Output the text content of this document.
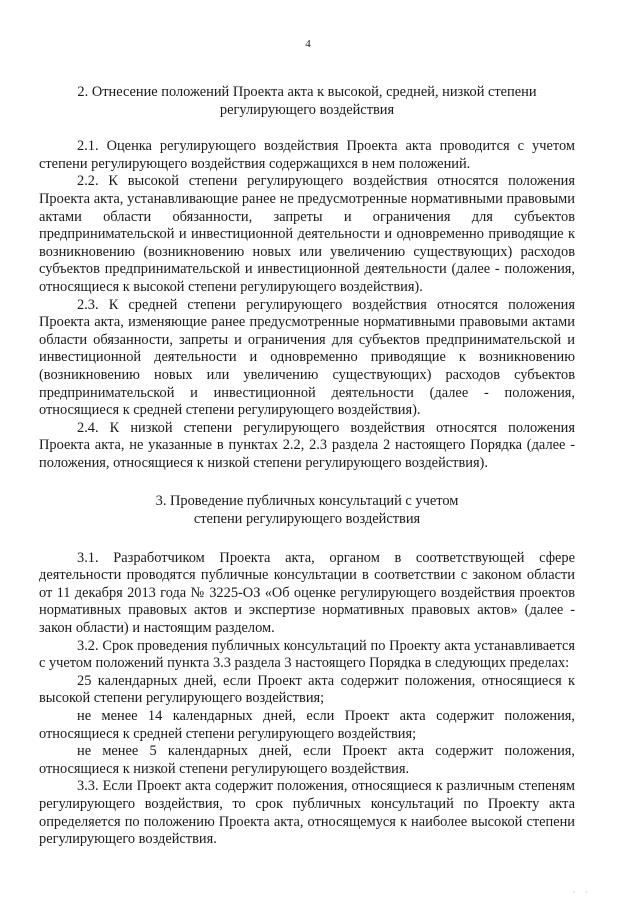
4
2. Отнесение положений Проекта акта к высокой, средней, низкой степени
регулирующего воздействия

2.1. Оценка регулирующего воздействия Проекта акта проводится с учетом степени регулирующего воздействия содержащихся в нем положений.

2.2. К высокой степени регулирующего воздействия относятся положения Проекта акта, устанавливающие ранее не предусмотренные нормативными правовыми актами области обязанности, запреты и ограничения для субъектов предпринимательской и инвестиционной деятельности и одновременно приводящие к возникновению (возникновению новых или увеличению существующих) расходов субъектов предпринимательской и инвестиционной деятельности (далее - положения, относящиеся к высокой степени регулирующего воздействия).

2.3. К средней степени регулирующего воздействия относятся положения Проекта акта, изменяющие ранее предусмотренные нормативными правовыми актами области обязанности, запреты и ограничения для субъектов предпринимательской и инвестиционной деятельности и одновременно приводящие к возникновению (возникновению новых или увеличению существующих) расходов субъектов предпринимательской и инвестиционной деятельности (далее - положения, относящиеся к средней степени регулирующего воздействия).

2.4. К низкой степени регулирующего воздействия относятся положения Проекта акта, не указанные в пунктах 2.2, 2.3 раздела 2 настоящего Порядка (далее - положения, относящиеся к низкой степени регулирующего воздействия).

3. Проведение публичных консультаций с учетом
степени регулирующего воздействия

3.1. Разработчиком Проекта акта, органом в соответствующей сфере деятельности проводятся публичные консультации в соответствии с законом области от 11 декабря 2013 года № 3225-ОЗ «Об оценке регулирующего воздействия проектов нормативных правовых актов и экспертизе нормативных правовых актов» (далее - закон области) и настоящим разделом.

3.2. Срок проведения публичных консультаций по Проекту акта устанавливается с учетом положений пункта 3.3 раздела 3 настоящего Порядка в следующих пределах:

25 календарных дней, если Проект акта содержит положения, относящиеся к высокой степени регулирующего воздействия;

не менее 14 календарных дней, если Проект акта содержит положения, относящиеся к средней степени регулирующего воздействия;

не менее 5 календарных дней, если Проект акта содержит положения, относящиеся к низкой степени регулирующего воздействия.

3.3. Если Проект акта содержит положения, относящиеся к различным степеням регулирующего воздействия, то срок публичных консультаций по Проекту акта определяется по положению Проекта акта, относящемуся к наиболее высокой степени регулирующего воздействия.

· ·
